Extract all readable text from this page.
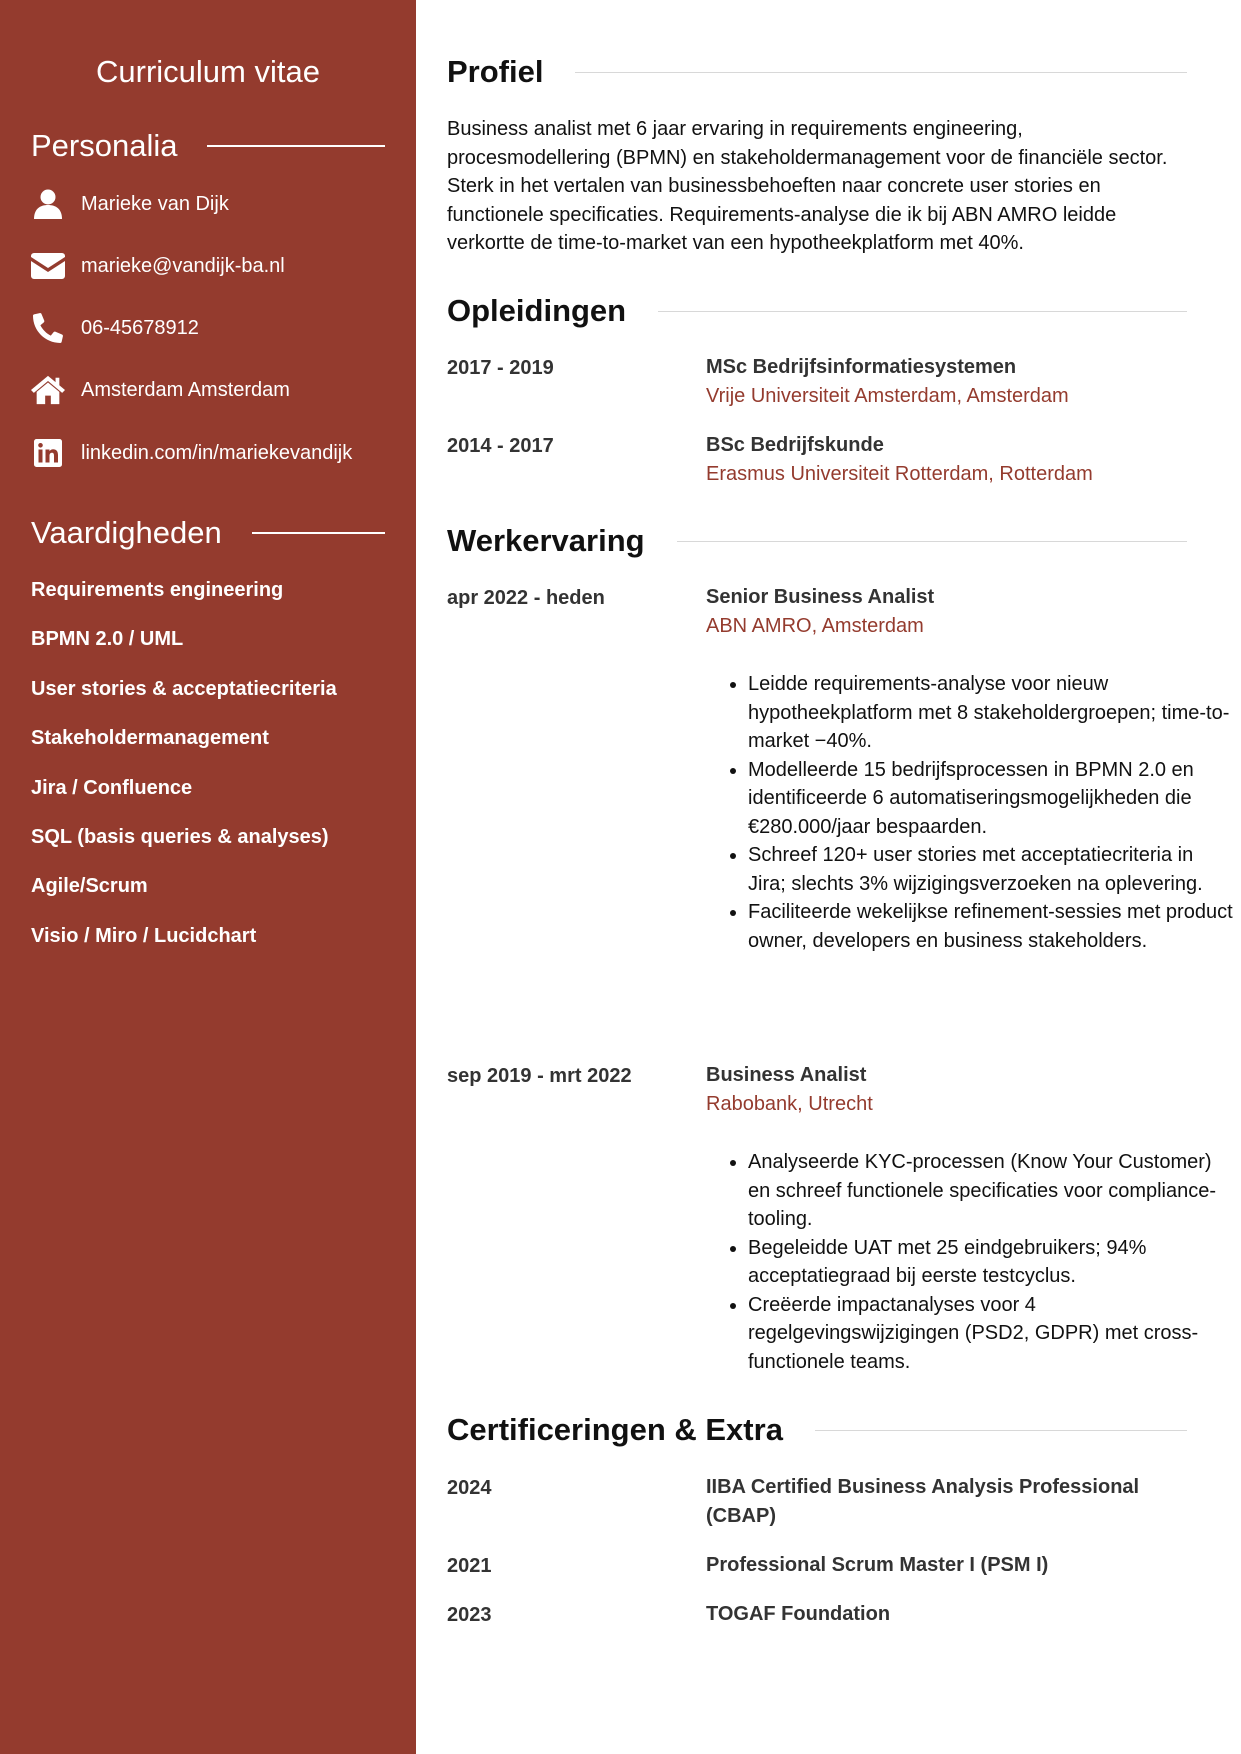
Curriculum vitae
Personalia
Marieke van Dijk
marieke@vandijk-ba.nl
06-45678912
Amsterdam Amsterdam
linkedin.com/in/mariekevandijk
Vaardigheden
Requirements engineering
BPMN 2.0 / UML
User stories & acceptatiecriteria
Stakeholdermanagement
Jira / Confluence
SQL (basis queries & analyses)
Agile/Scrum
Visio / Miro / Lucidchart
Profiel

Business analist met 6 jaar ervaring in requirements engineering, procesmodellering (BPMN) en stakeholdermanagement voor de financiële sector. Sterk in het vertalen van businessbehoeften naar concrete user stories en functionele specificaties. Requirements-analyse die ik bij ABN AMRO leidde verkortte de time-to-market van een hypotheekplatform met 40%.

Opleidingen
2017 - 2019	MSc Bedrijfsinformatiesystemen
Vrije Universiteit Amsterdam, Amsterdam
2014 - 2017	BSc Bedrijfskunde
Erasmus Universiteit Rotterdam, Rotterdam
Werkervaring
apr 2022 - heden	Senior Business Analist
ABN AMRO, Amsterdam
• Leidde requirements-analyse voor nieuw hypotheekplatform met 8 stakeholdergroepen; time-to-market −40%.
• Modelleerde 15 bedrijfsprocessen in BPMN 2.0 en identificeerde 6 automatiseringsmogelijkheden die €280.000/jaar bespaarden.
• Schreef 120+ user stories met acceptatiecriteria in Jira; slechts 3% wijzigingsverzoeken na oplevering.
• Faciliteerde wekelijkse refinement-sessies met product owner, developers en business stakeholders.
sep 2019 - mrt 2022	Business Analist
Rabobank, Utrecht
• Analyseerde KYC-processen (Know Your Customer) en schreef functionele specificaties voor compliance-tooling.
• Begeleidde UAT met 25 eindgebruikers; 94% acceptatiegraad bij eerste testcyclus.
• Creëerde impactanalyses voor 4 regelgevingswijzigingen (PSD2, GDPR) met cross-functionele teams.
Certificeringen & Extra
2024	IIBA Certified Business Analysis Professional (CBAP)
2021	Professional Scrum Master I (PSM I)
2023	TOGAF Foundation
